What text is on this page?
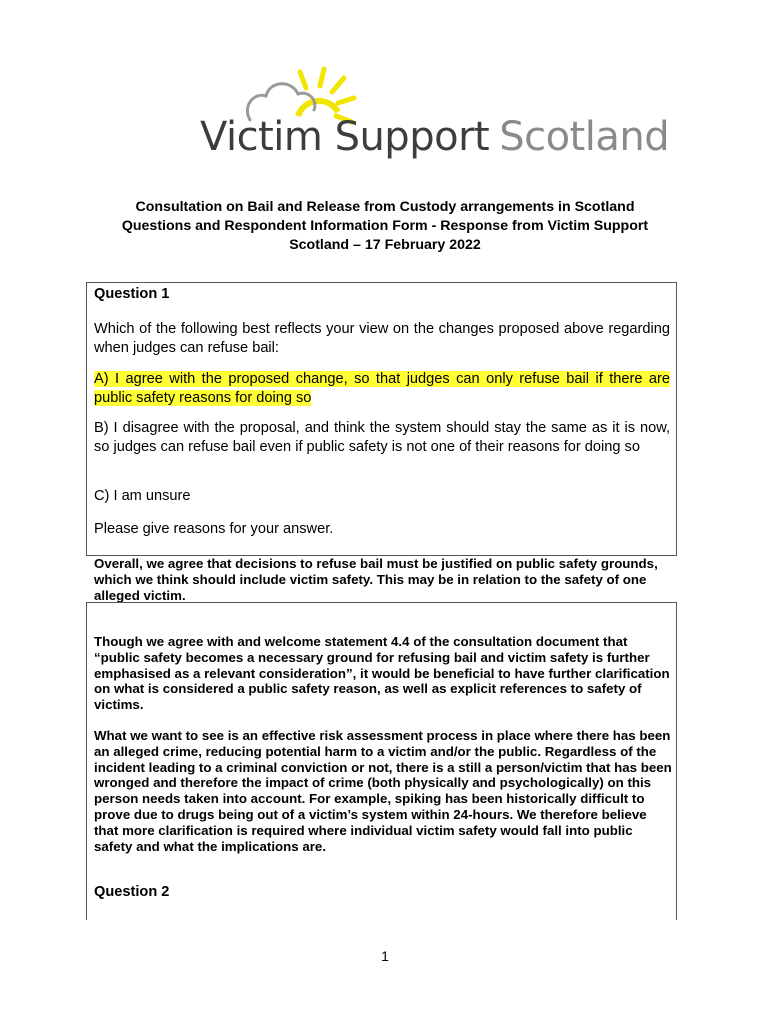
Victim Support Scotland
Consultation on Bail and Release from Custody arrangements in Scotland
Questions and Respondent Information Form - Response from Victim Support
Scotland – 17 February 2022
Question 1
Which of the following best reflects your view on the changes proposed above regarding when judges can refuse bail:
A) I agree with the proposed change, so that judges can only refuse bail if there are public safety reasons for doing so
B) I disagree with the proposal, and think the system should stay the same as it is now, so judges can refuse bail even if public safety is not one of their reasons for doing so
C) I am unsure
Please give reasons for your answer.
Overall, we agree that decisions to refuse bail must be justified on public safety grounds, which we think should include victim safety. This may be in relation to the safety of one alleged victim.
Though we agree with and welcome statement 4.4 of the consultation document that “public safety becomes a necessary ground for refusing bail and victim safety is further emphasised as a relevant consideration”, it would be beneficial to have further clarification on what is considered a public safety reason, as well as explicit references to safety of victims.
What we want to see is an effective risk assessment process in place where there has been an alleged crime, reducing potential harm to a victim and/or the public. Regardless of the incident leading to a criminal conviction or not, there is a still a person/victim that has been wronged and therefore the impact of crime (both physically and psychologically) on this person needs taken into account. For example, spiking has been historically difficult to prove due to drugs being out of a victim’s system within 24-hours. We therefore believe that more clarification is required where individual victim safety would fall into public safety and what the implications are.
Question 2
1
